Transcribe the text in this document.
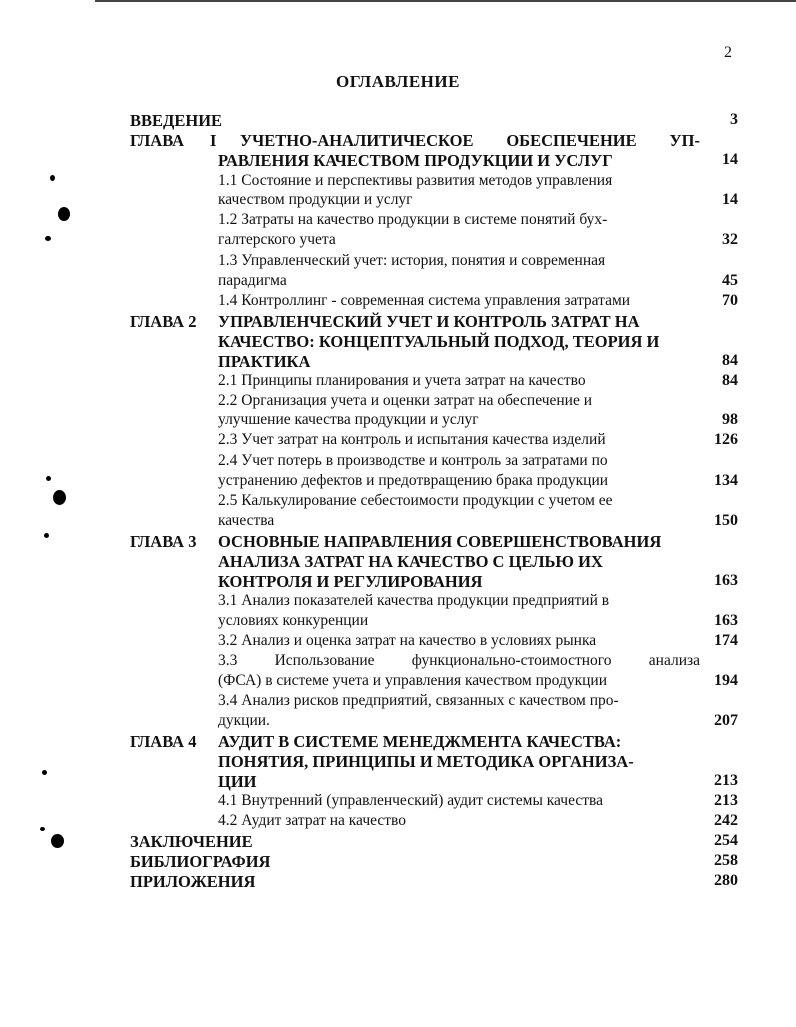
2
ОГЛАВЛЕНИЕ
ВВЕДЕНИЕ	3
ГЛАВА I УЧЕТНО-АНАЛИТИЧЕСКОЕ ОБЕСПЕЧЕНИЕ УП-
РАВЛЕНИЯ КАЧЕСТВОМ ПРОДУКЦИИ И УСЛУГ	14
1.1 Состояние и перспективы развития методов управления
качеством продукции и услуг	14
1.2 Затраты на качество продукции в системе понятий бух-
галтерского учета	32
1.3 Управленческий учет: история, понятия и современная
парадигма	45
1.4 Контроллинг - современная система управления затратами	70
ГЛАВА 2 УПРАВЛЕНЧЕСКИЙ УЧЕТ И КОНТРОЛЬ ЗАТРАТ НА
КАЧЕСТВО: КОНЦЕПТУАЛЬНЫЙ ПОДХОД, ТЕОРИЯ И
ПРАКТИКА	84
2.1 Принципы планирования и учета затрат на качество	84
2.2 Организация учета и оценки затрат на обеспечение и
улучшение качества продукции и услуг	98
2.3 Учет затрат на контроль и испытания качества изделий	126
2.4 Учет потерь в производстве и контроль за затратами по
устранению дефектов и предотвращению брака продукции	134
2.5 Калькулирование себестоимости продукции с учетом ее
качества	150
ГЛАВА 3 ОСНОВНЫЕ НАПРАВЛЕНИЯ СОВЕРШЕНСТВОВАНИЯ
АНАЛИЗА ЗАТРАТ НА КАЧЕСТВО С ЦЕЛЬЮ ИХ
КОНТРОЛЯ И РЕГУЛИРОВАНИЯ	163
3.1 Анализ показателей качества продукции предприятий в
условиях конкуренции	163
3.2 Анализ и оценка затрат на качество в условиях рынка	174
3.3 Использование функционально-стоимостного анализа
(ФСА) в системе учета и управления качеством продукции	194
3.4 Анализ рисков предприятий, связанных с качеством про-
дукции.	207
ГЛАВА 4 АУДИТ В СИСТЕМЕ МЕНЕДЖМЕНТА КАЧЕСТВА:
ПОНЯТИЯ, ПРИНЦИПЫ И МЕТОДИКА ОРГАНИЗА-
ЦИИ	213
4.1 Внутренний (управленческий) аудит системы качества	213
4.2 Аудит затрат на качество	242
ЗАКЛЮЧЕНИЕ	254
БИБЛИОГРАФИЯ	258
ПРИЛОЖЕНИЯ	280
